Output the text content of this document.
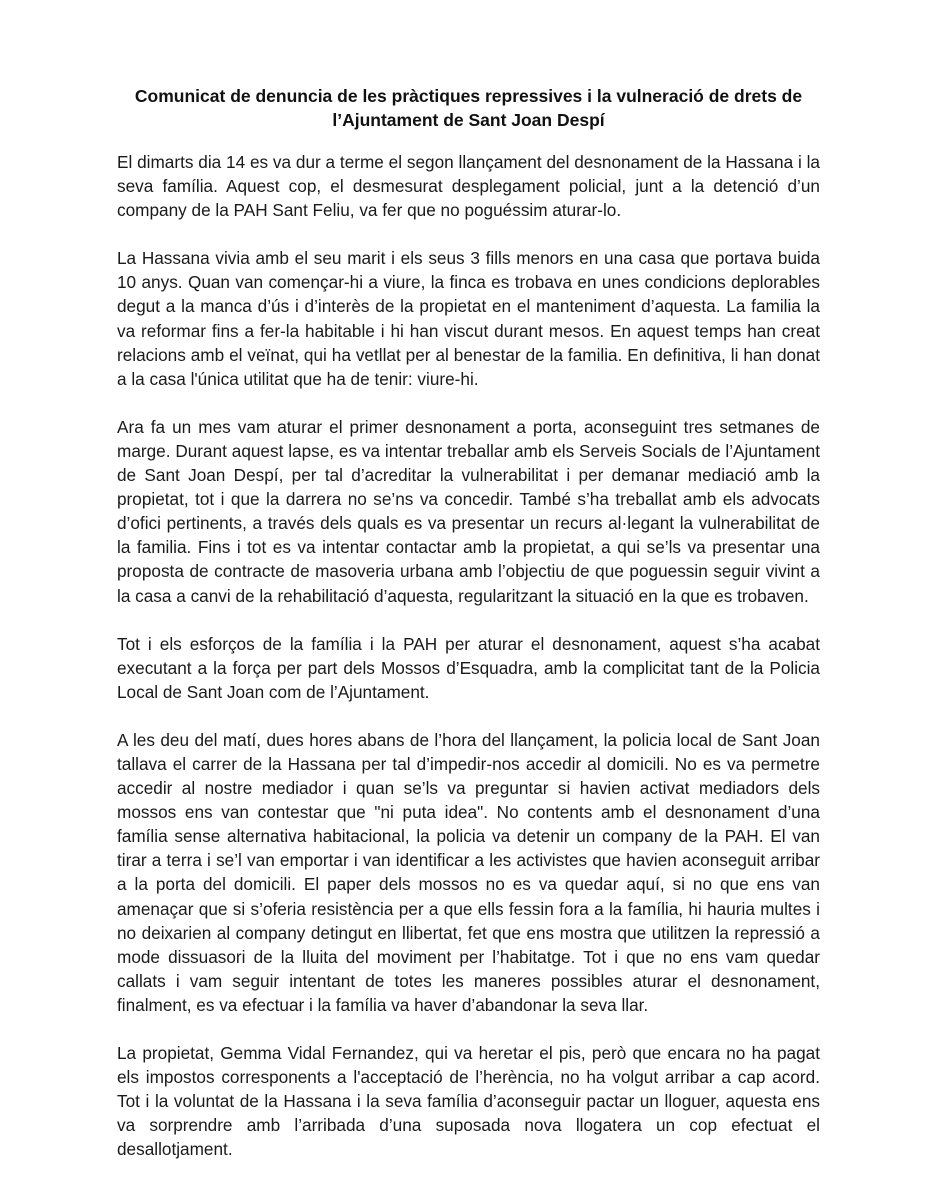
Comunicat de denuncia de les pràctiques repressives i la vulneració de drets de
l’Ajuntament de Sant Joan Despí

El dimarts dia 14 es va dur a terme el segon llançament del desnonament de la Hassana i la seva família. Aquest cop, el desmesurat desplegament policial, junt a la detenció d’un company de la PAH Sant Feliu, va fer que no poguéssim aturar-lo.

La Hassana vivia amb el seu marit i els seus 3 fills menors en una casa que portava buida 10 anys. Quan van començar-hi a viure, la finca es trobava en unes condicions deplorables degut a la manca d’ús i d’interès de la propietat en el manteniment d’aquesta. La familia la va reformar fins a fer-la habitable i hi han viscut durant mesos. En aquest temps han creat relacions amb el veïnat, qui ha vetllat per al benestar de la familia. En definitiva, li han donat a la casa l'única utilitat que ha de tenir: viure-hi.

Ara fa un mes vam aturar el primer desnonament a porta, aconseguint tres setmanes de marge. Durant aquest lapse, es va intentar treballar amb els Serveis Socials de l’Ajuntament de Sant Joan Despí, per tal d’acreditar la vulnerabilitat i per demanar mediació amb la propietat, tot i que la darrera no se’ns va concedir. També s’ha treballat amb els advocats d’ofici pertinents, a través dels quals es va presentar un recurs al·legant la vulnerabilitat de la familia. Fins i tot es va intentar contactar amb la propietat, a qui se’ls va presentar una proposta de contracte de masoveria urbana amb l’objectiu de que poguessin seguir vivint a la casa a canvi de la rehabilitació d’aquesta, regularitzant la situació en la que es trobaven.

Tot i els esforços de la família i la PAH per aturar el desnonament, aquest s’ha acabat executant a la força per part dels Mossos d’Esquadra, amb la complicitat tant de la Policia Local de Sant Joan com de l’Ajuntament.

A les deu del matí, dues hores abans de l’hora del llançament, la policia local de Sant Joan tallava el carrer de la Hassana per tal d’impedir-nos accedir al domicili. No es va permetre accedir al nostre mediador i quan se’ls va preguntar si havien activat mediadors dels mossos ens van contestar que "ni puta idea". No contents amb el desnonament d’una família sense alternativa habitacional, la policia va detenir un company de la PAH. El van tirar a terra i se’l van emportar i van identificar a les activistes que havien aconseguit arribar a la porta del domicili. El paper dels mossos no es va quedar aquí, si no que ens van amenaçar que si s’oferia resistència per a que ells fessin fora a la família, hi hauria multes i no deixarien al company detingut en llibertat, fet que ens mostra que utilitzen la repressió a mode dissuasori de la lluita del moviment per l’habitatge. Tot i que no ens vam quedar callats i vam seguir intentant de totes les maneres possibles aturar el desnonament, finalment, es va efectuar i la família va haver d’abandonar la seva llar.

La propietat, Gemma Vidal Fernandez, qui va heretar el pis, però que encara no ha pagat els impostos corresponents a l'acceptació de l’herència, no ha volgut arribar a cap acord. Tot i la voluntat de la Hassana i la seva família d’aconseguir pactar un lloguer, aquesta ens va sorprendre amb l’arribada d’una suposada nova llogatera un cop efectuat el desallotjament.
